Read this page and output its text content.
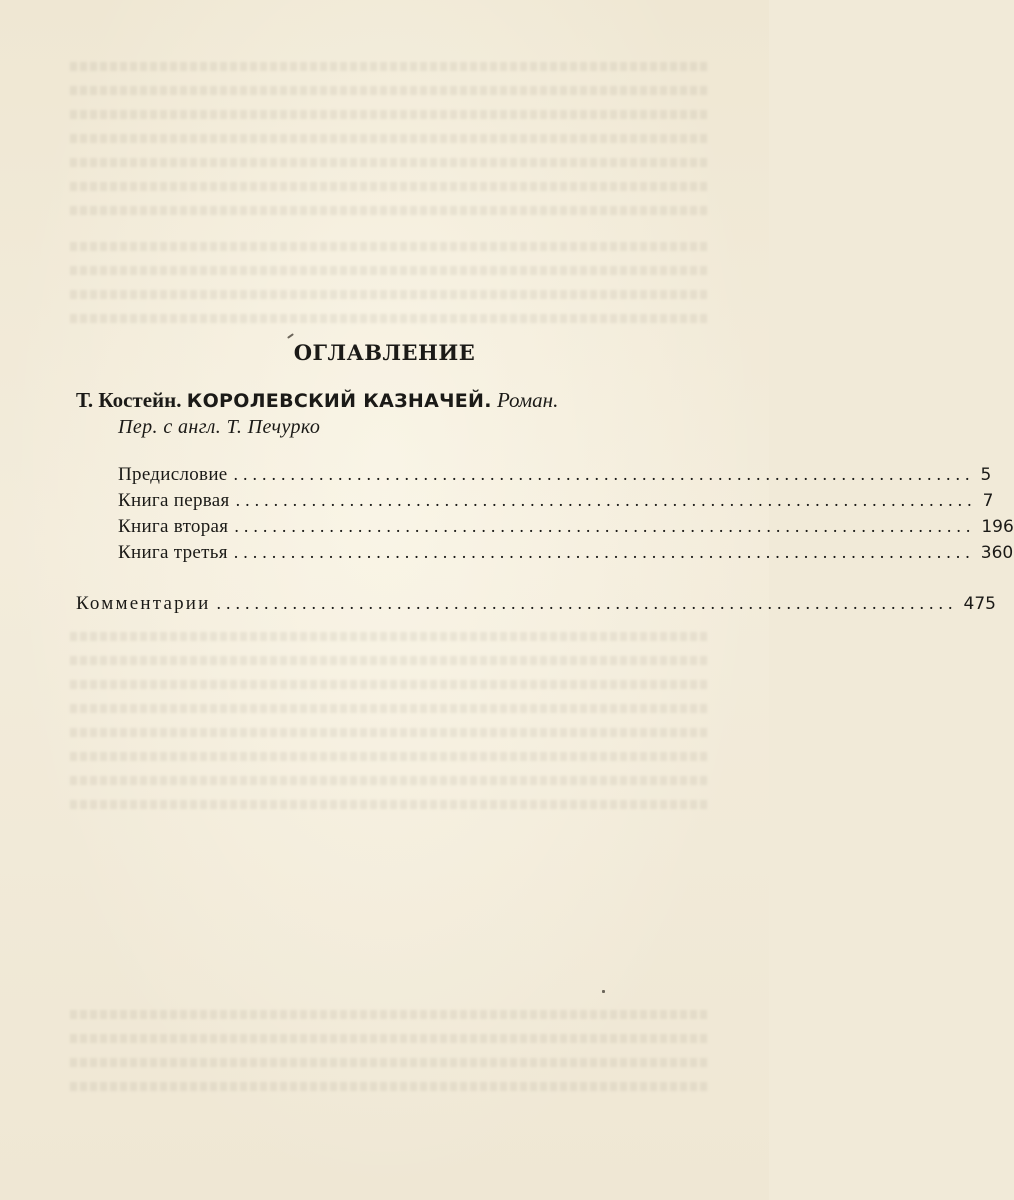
ОГЛАВЛЕНИЕ
Т. Костейн. КОРОЛЕВСКИЙ КАЗНАЧЕЙ. Роман.
Пер. с англ. Т. Печурко
Предисловие .............................................................................. 5
Книга первая .............................................................................. 7
Книга вторая .............................................................................. 196
Книга третья .............................................................................. 360
Комментарии .............................................................................. 475
